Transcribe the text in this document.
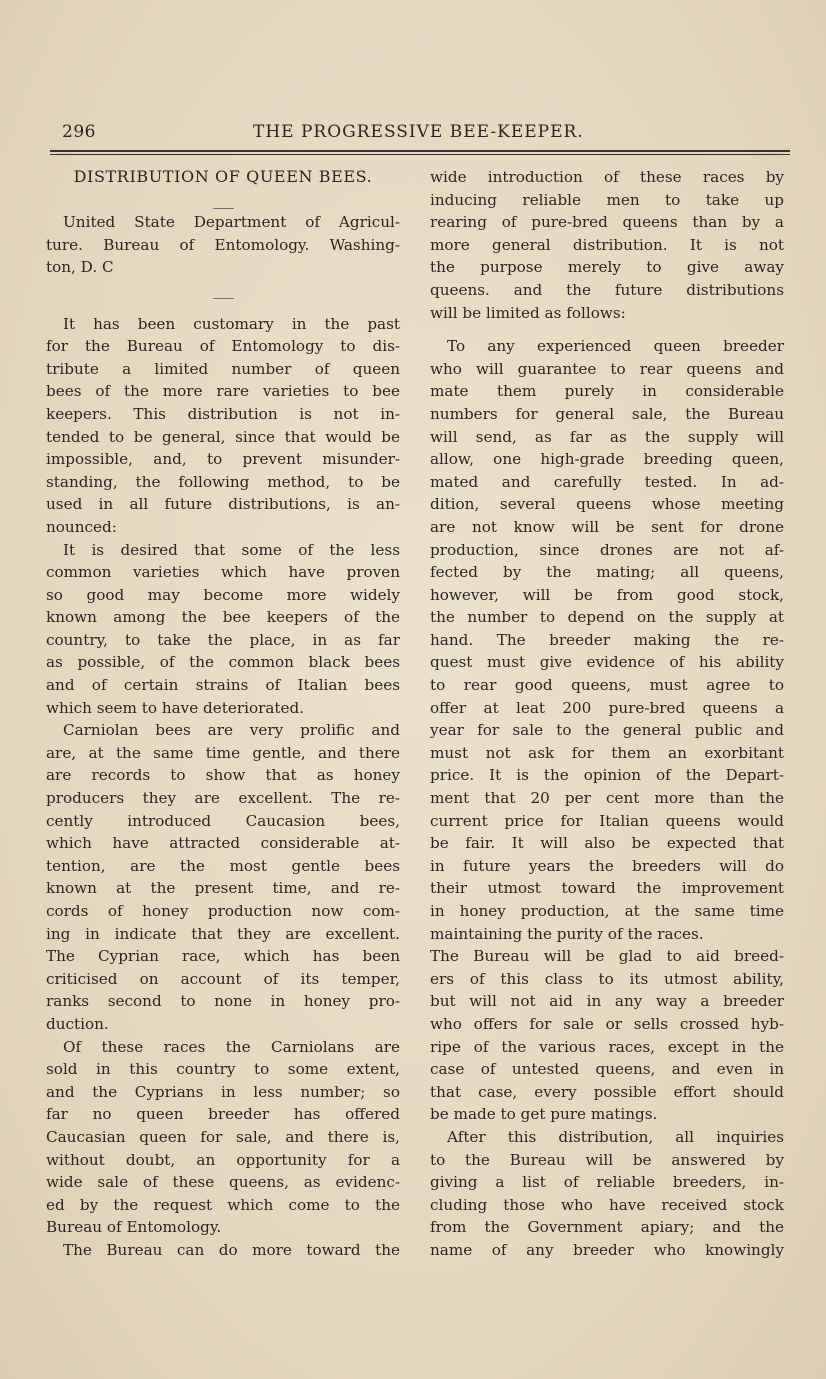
296	THE PROGRESSIVE BEE-KEEPER.
DISTRIBUTION OF QUEEN BEES.
___
United State Department of Agricul-
ture. Bureau of Entomology. Washing-
ton, D. C
___
It has been customary in the past
for the Bureau of Entomology to dis-
tribute a limited number of queen
bees of the more rare varieties to bee
keepers. This distribution is not in-
tended to be general, since that would be
impossible, and, to prevent misunder-
standing, the following method, to be
used in all future distributions, is an-
nounced:
It is desired that some of the less
common varieties which have proven
so good may become more widely
known among the bee keepers of the
country, to take the place, in as far
as possible, of the common black bees
and of certain strains of Italian bees
which seem to have deteriorated.
Carniolan bees are very prolific and
are, at the same time gentle, and there
are records to show that as honey
producers they are excellent. The re-
cently introduced Caucasion bees,
which have attracted considerable at-
tention, are the most gentle bees
known at the present time, and re-
cords of honey production now com-
ing in indicate that they are excellent.
The Cyprian race, which has been
criticised on account of its temper,
ranks second to none in honey pro-
duction.
Of these races the Carniolans are
sold in this country to some extent,
and the Cyprians in less number; so
far no queen breeder has offered
Caucasian queen for sale, and there is,
without doubt, an opportunity for a
wide sale of these queens, as evidenc-
ed by the request which come to the
Bureau of Entomology.
The Bureau can do more toward the
wide introduction of these races by
inducing reliable men to take up
rearing of pure-bred queens than by a
more general distribution. It is not
the purpose merely to give away
queens. and the future distributions
will be limited as follows:
To any experienced queen breeder
who will guarantee to rear queens and
mate them purely in considerable
numbers for general sale, the Bureau
will send, as far as the supply will
allow, one high-grade breeding queen,
mated and carefully tested. In ad-
dition, several queens whose meeting
are not know will be sent for drone
production, since drones are not af-
fected by the mating; all queens,
however, will be from good stock,
the number to depend on the supply at
hand. The breeder making the re-
quest must give evidence of his ability
to rear good queens, must agree to
offer at leat 200 pure-bred queens a
year for sale to the general public and
must not ask for them an exorbitant
price. It is the opinion of the Depart-
ment that 20 per cent more than the
current price for Italian queens would
be fair. It will also be expected that
in future years the breeders will do
their utmost toward the improvement
in honey production, at the same time
maintaining the purity of the races.
The Bureau will be glad to aid breed-
ers of this class to its utmost ability,
but will not aid in any way a breeder
who offers for sale or sells crossed hyb-
ripe of the various races, except in the
case of untested queens, and even in
that case, every possible effort should
be made to get pure matings.
After this distribution, all inquiries
to the Bureau will be answered by
giving a list of reliable breeders, in-
cluding those who have received stock
from the Government apiary; and the
name of any breeder who knowingly
